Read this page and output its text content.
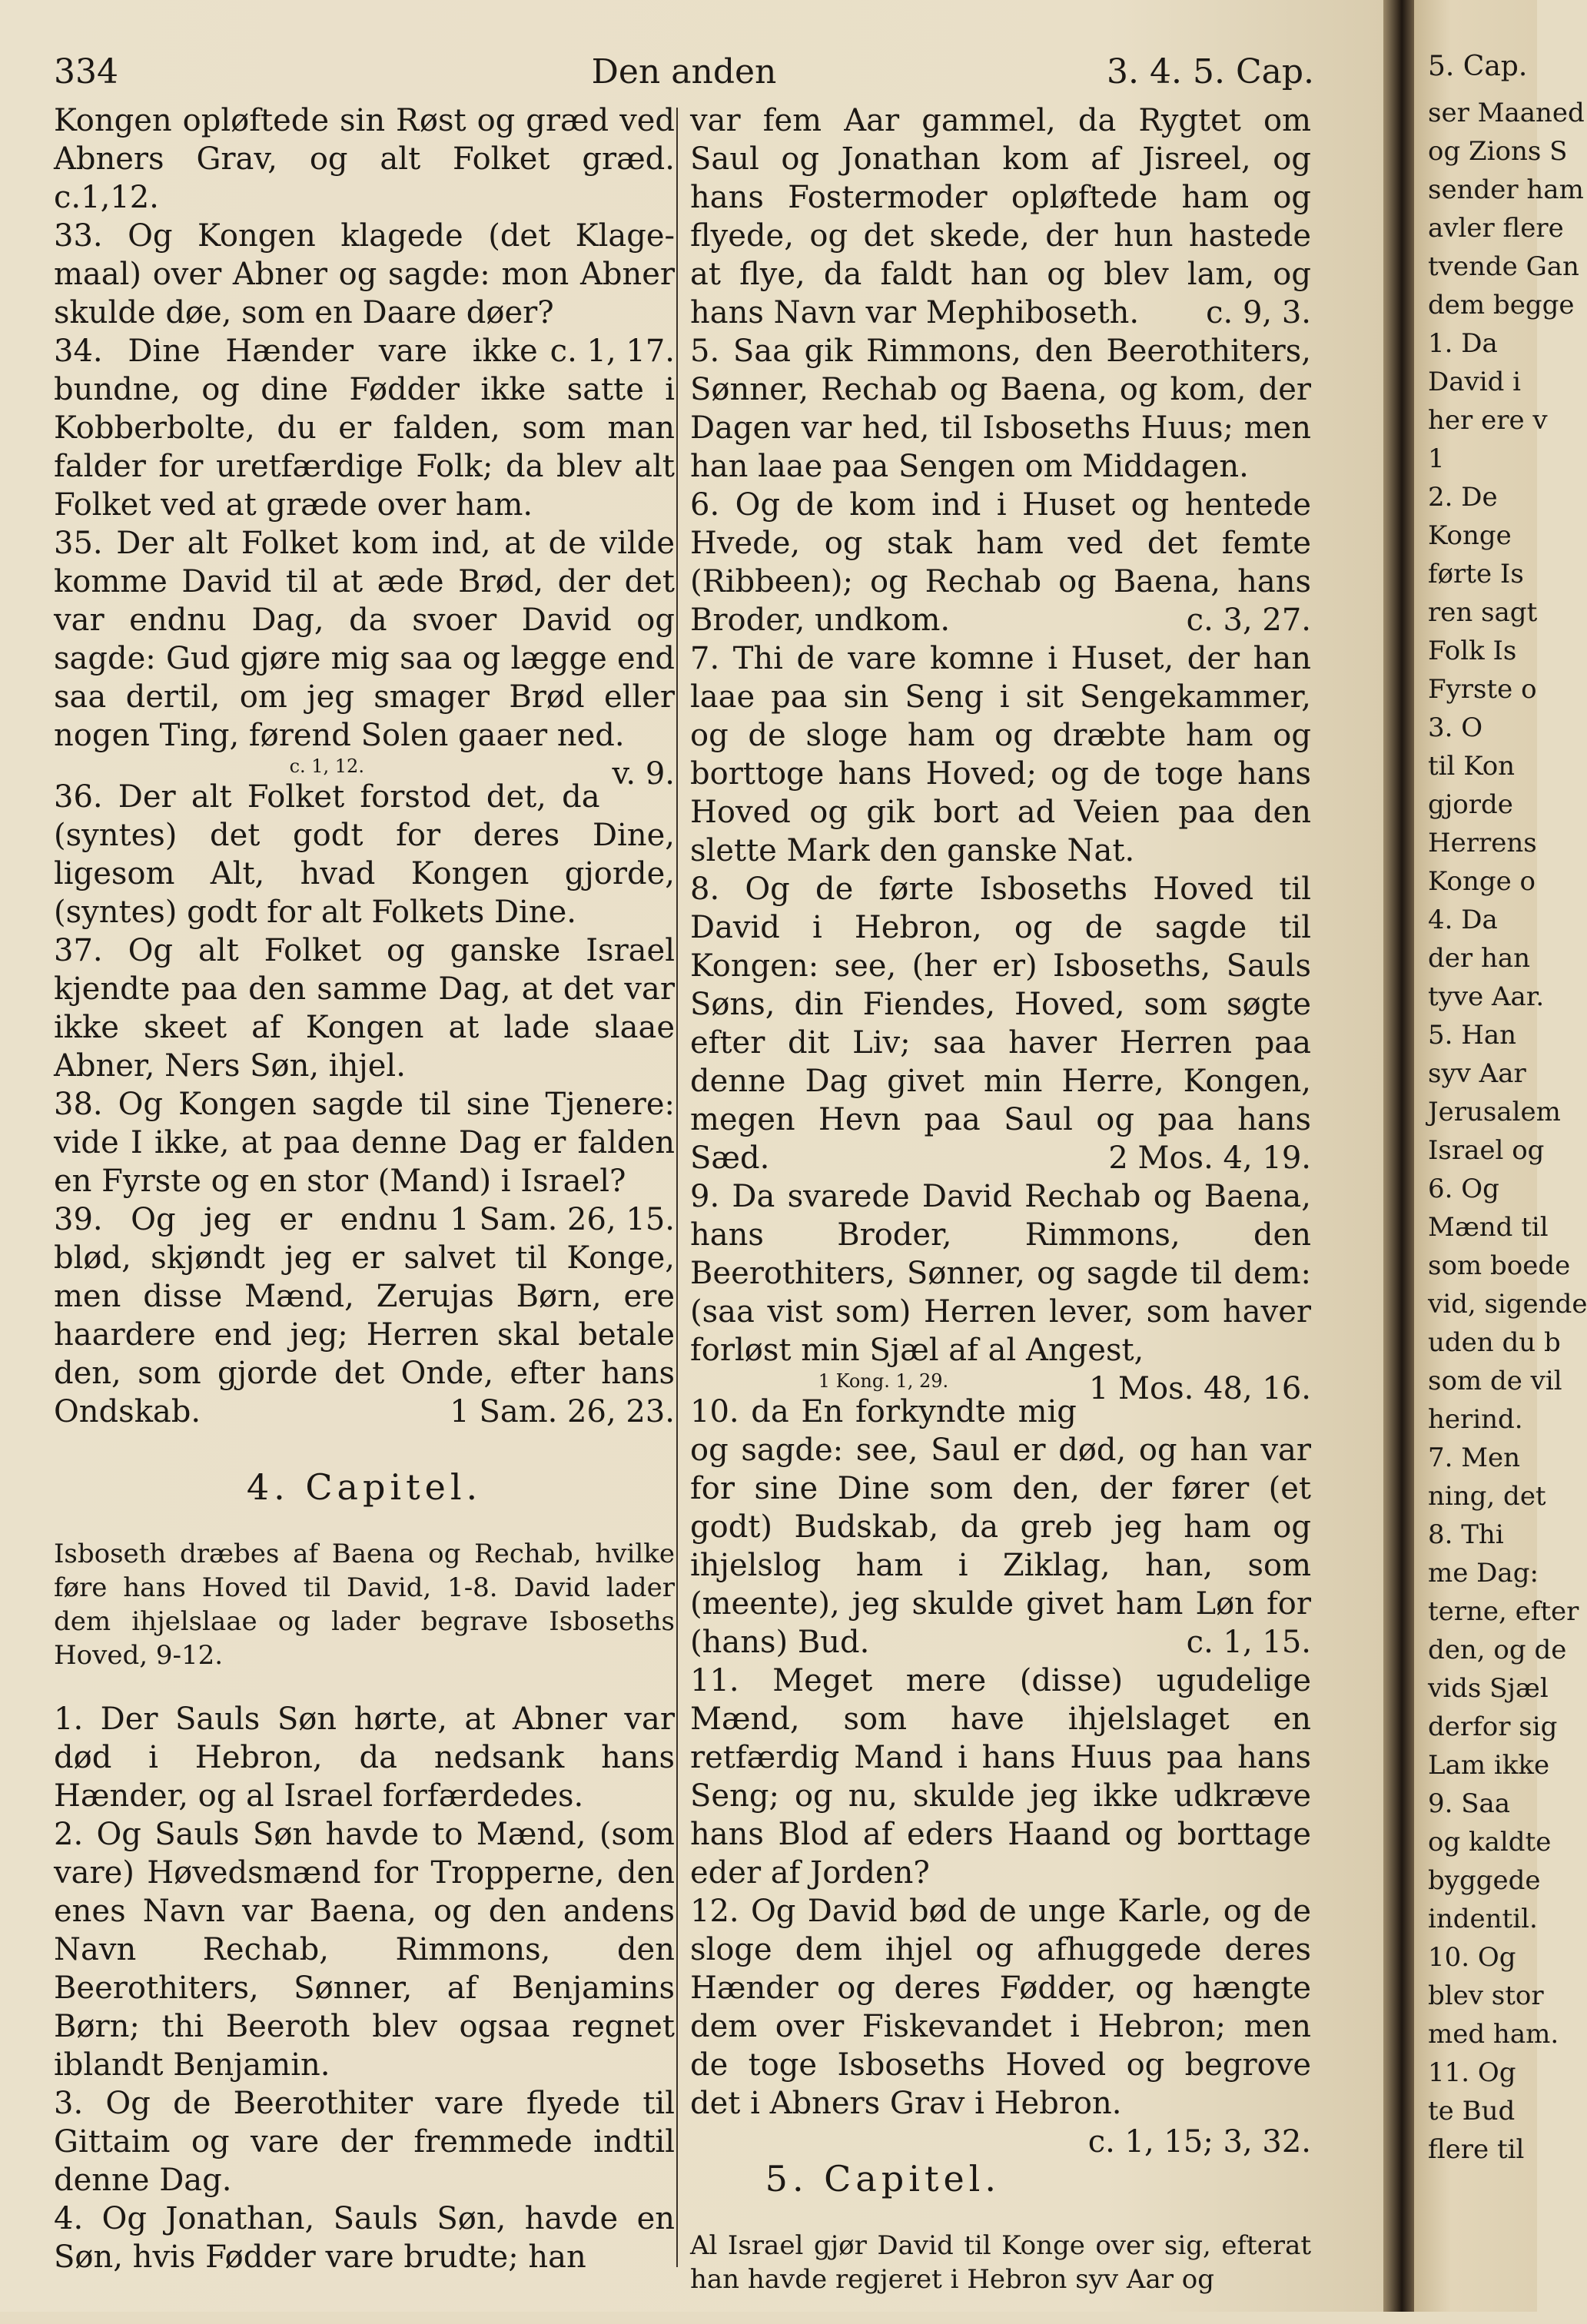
334	Den anden	3. 4. 5. Cap.

Kongen opløftede sin Røst og græd ved Abners Grav, og alt Folket græd. c.1,12.

33. Og Kongen klagede (det Klage-maal) over Abner og sagde: mon Abner skulde døe, som en Daare døer?
c. 1, 17.

34. Dine Hænder vare ikke bundne, og dine Fødder ikke satte i Kobberbolte, du er falden, som man falder for uretfærdige Folk; da blev alt Folket ved at græde over ham.

35. Der alt Folket kom ind, at de vilde komme David til at æde Brød, der det var endnu Dag, da svoer David og sagde: Gud gjøre mig saa og lægge end saa dertil, om jeg smager Brød eller nogen Ting, førend Solen gaaer ned.
v. 9.

c. 1, 12.

36. Der alt Folket forstod det, da (syntes) det godt for deres Dine, ligesom Alt, hvad Kongen gjorde, (syntes) godt for alt Folkets Dine.

37. Og alt Folket og ganske Israel kjendte paa den samme Dag, at det var ikke skeet af Kongen at lade slaae Abner, Ners Søn, ihjel.

38. Og Kongen sagde til sine Tjenere: vide I ikke, at paa denne Dag er falden en Fyrste og en stor (Mand) i Israel?
1 Sam. 26, 15.

39. Og jeg er endnu blød, skjøndt jeg er salvet til Konge, men disse Mænd, Zerujas Børn, ere haardere end jeg; Herren skal betale den, som gjorde det Onde, efter hans Ondskab.	1 Sam. 26, 23.

4. Capitel.

Isboseth dræbes af Baena og Rechab, hvilke føre hans Hoved til David, 1-8. David lader dem ihjelslaae og lader begrave Isboseths Hoved, 9-12.

1. Der Sauls Søn hørte, at Abner var død i Hebron, da nedsank hans Hænder, og al Israel forfærdedes.

2. Og Sauls Søn havde to Mænd, (som vare) Høvedsmænd for Tropperne, den enes Navn var Baena, og den andens Navn Rechab, Rimmons, den Beerothiters, Sønner, af Benjamins Børn; thi Beeroth blev ogsaa regnet iblandt Benjamin.

3. Og de Beerothiter vare flyede til Gittaim og vare der fremmede indtil denne Dag.

4. Og Jonathan, Sauls Søn, havde en Søn, hvis Fødder vare brudte; han

var fem Aar gammel, da Rygtet om Saul og Jonathan kom af Jisreel, og hans Fostermoder opløftede ham og flyede, og det skede, der hun hastede at flye, da faldt han og blev lam, og hans Navn var Mephiboseth.	c. 9, 3.

5. Saa gik Rimmons, den Beerothiters, Sønner, Rechab og Baena, og kom, der Dagen var hed, til Isboseths Huus; men han laae paa Sengen om Middagen.

6. Og de kom ind i Huset og hentede Hvede, og stak ham ved det femte (Ribbeen); og Rechab og Baena, hans Broder, undkom.	c. 3, 27.

7. Thi de vare komne i Huset, der han laae paa sin Seng i sit Sengekammer, og de sloge ham og dræbte ham og borttoge hans Hoved; og de toge hans Hoved og gik bort ad Veien paa den slette Mark den ganske Nat.

8. Og de førte Isboseths Hoved til David i Hebron, og de sagde til Kongen: see, (her er) Isboseths, Sauls Søns, din Fiendes, Hoved, som søgte efter dit Liv; saa haver Herren paa denne Dag givet min Herre, Kongen, megen Hevn paa Saul og paa hans Sæd.	2 Mos. 4, 19.

9. Da svarede David Rechab og Baena, hans Broder, Rimmons, den Beerothiters, Sønner, og sagde til dem: (saa vist som) Herren lever, som haver forløst min Sjæl af al Angest,
1 Mos. 48, 16.

1 Kong. 1, 29.

10. da En forkyndte mig og sagde: see, Saul er død, og han var for sine Dine som den, der fører (et godt) Budskab, da greb jeg ham og ihjelslog ham i Ziklag, han, som (meente), jeg skulde givet ham Løn for (hans) Bud.	c. 1, 15.

11. Meget mere (disse) ugudelige Mænd, som have ihjelslaget en retfærdig Mand i hans Huus paa hans Seng; og nu, skulde jeg ikke udkræve hans Blod af eders Haand og borttage eder af Jorden?

12. Og David bød de unge Karle, og de sloge dem ihjel og afhuggede deres Hænder og deres Fødder, og hængte dem over Fiskevandet i Hebron; men de toge Isboseths Hoved og begrove det i Abners Grav i Hebron.
c. 1, 15; 3, 32.

5. Capitel.

Al Israel gjør David til Konge over sig, efterat han havde regjeret i Hebron syv Aar og

5. Cap.
ser Maaned
og Zions S
sender ham
avler flere
tvende Gan
dem begge
1. Da
David i
her ere v
1
2. De
Konge
førte Is
ren sagt
Folk Is
Fyrste o
3. O
til Kon
gjorde
Herrens
Konge o
4. Da
der han
tyve Aar.
5. Han
syv Aar
Jerusalem
Israel og
6. Og
Mænd til
som boede
vid, sigende
uden du b
som de vil
herind.
7. Men
ning, det
8. Thi
me Dag:
terne, efter
den, og de
vids Sjæl
derfor sig
Lam ikke
9. Saa
og kaldte
byggede
indentil.
10. Og
blev stor
med ham.
11. Og
te Bud
flere til
